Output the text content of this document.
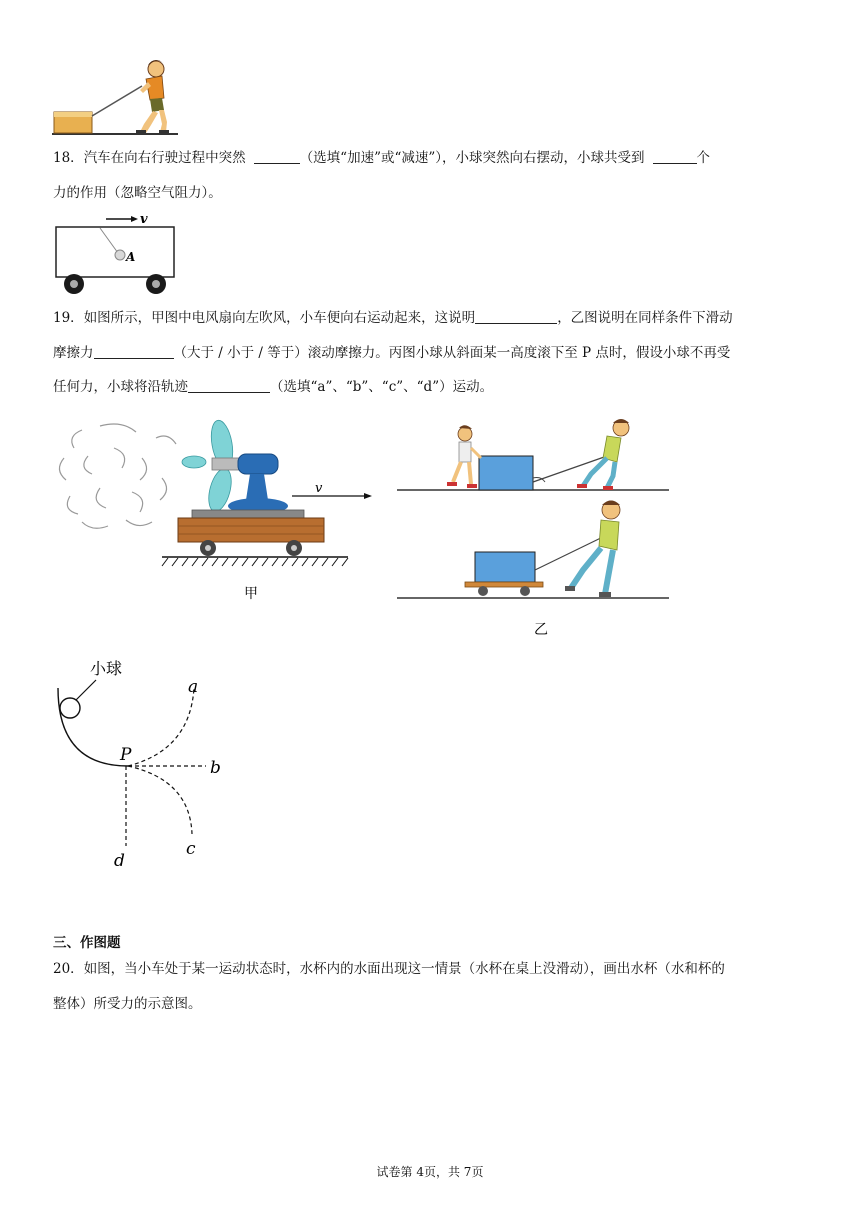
18．汽车在向右行驶过程中突然	（选填“加速”或“减速”），小球突然向右摆动，小球共受到	个
力的作用（忽略空气阻力）。
v
A
19．如图所示，甲图中电风扇向左吹风，小车便向右运动起来，这说明	，乙图说明在同样条件下滑动
摩擦力	（大于 / 小于 / 等于）滚动摩擦力。丙图小球从斜面某一高度滚下至 P 点时，假设小球不再受
任何力，小球将沿轨迹	（选填“a”、“b”、“c”、“d”）运动。
v
甲
乙
小球
P
a
b
c
d
三、作图题
20．如图，当小车处于某一运动状态时，水杯内的水面出现这一情景（水杯在桌上没滑动），画出水杯（水和杯的
整体）所受力的示意图。
试卷第 4页，共 7页
